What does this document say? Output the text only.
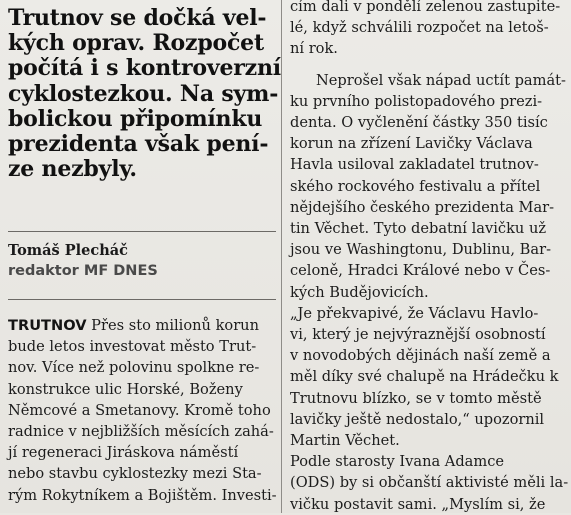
Trutnov se dočká vel-
kých oprav. Rozpočet
počítá i s kontroverzní
cyklostezkou. Na sym-
bolickou připomínku
prezidenta však pení-
ze nezbyly.
Tomáš Plecháč
redaktor MF DNES
TRUTNOV Přes sto milionů korun
bude letos investovat město Trut-
nov. Více než polovinu spolkne re-
konstrukce ulic Horské, Boženy
Němcové a Smetanovy. Kromě toho
radnice v nejbližších měsících zahá-
jí regeneraci Jiráskova náměstí
nebo stavbu cyklostezky mezi Sta-
rým Rokytníkem a Bojištěm. Investi-
cím dali v pondělí zelenou zastupite-
lé, když schválili rozpočet na letoš-
ní rok.
Neprošel však nápad uctít památ-
ku prvního polistopadového prezi-
denta. O vyčlenění částky 350 tisíc
korun na zřízení Lavičky Václava
Havla usiloval zakladatel trutnov-
ského rockového festivalu a přítel
nějdejšího českého prezidenta Mar-
tin Věchet. Tyto debatní lavičku už
jsou ve Washingtonu, Dublinu, Bar-
celoně, Hradci Králové nebo v Čes-
kých Budějovicích.
„Je překvapivé, že Václavu Havlo-
vi, který je nejvýraznější osobností
v novodobých dějinách naší země a
měl díky své chalupě na Hrádečku k
Trutnovu blízko, se v tomto městě
lavičky ještě nedostalo,“ upozornil
Martin Věchet.
Podle starosty Ivana Adamce
(ODS) by si občanští aktivisté měli la-
vičku postavit sami. „Myslím si, že
